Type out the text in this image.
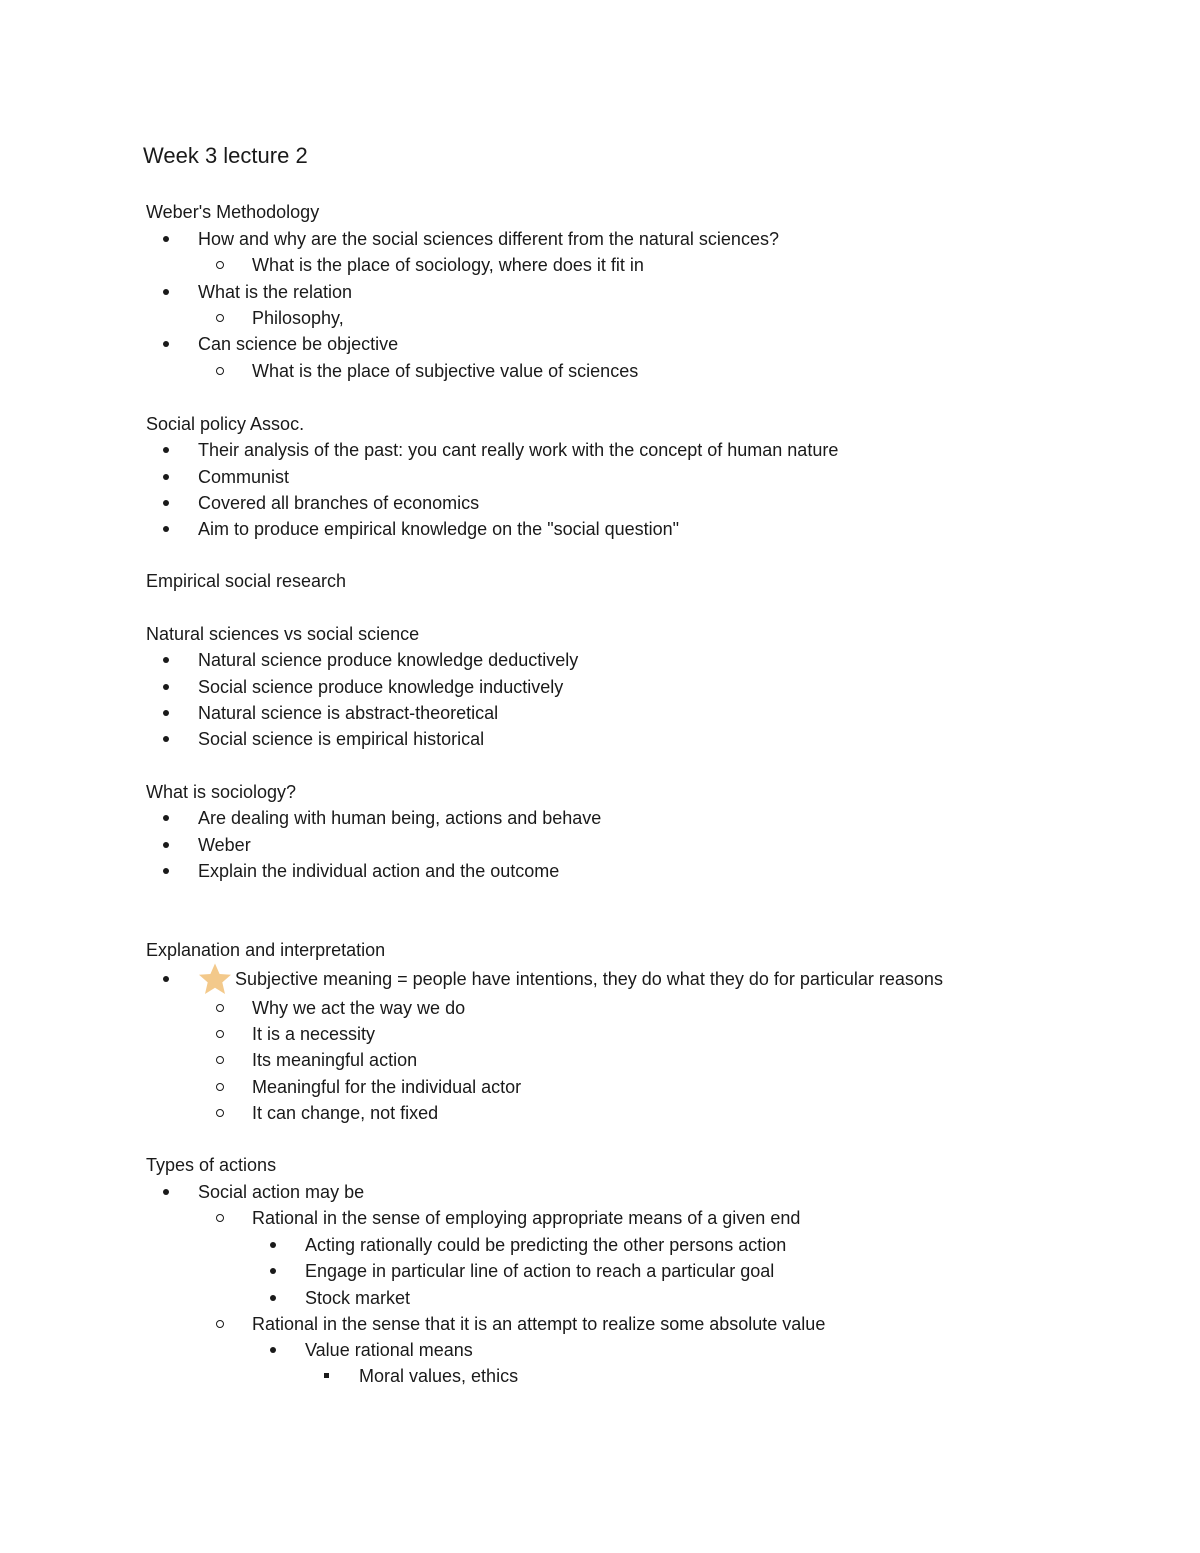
Week 3 lecture 2
Weber's Methodology
How and why are the social sciences different from the natural sciences?
What is the place of sociology, where does it fit in
What is the relation
Philosophy,
Can science be objective
What is the place of subjective value of sciences
Social policy Assoc.
Their analysis of the past: you cant really work with the concept of human nature
Communist
Covered all branches of economics
Aim to produce empirical knowledge on the "social question"
Empirical social research
Natural sciences vs social science
Natural science produce knowledge deductively
Social science produce knowledge inductively
Natural science is abstract-theoretical
Social science is empirical historical
What is sociology?
Are dealing with human being, actions and behave
Weber
Explain the individual action and the outcome
Explanation and interpretation
Subjective meaning = people have intentions, they do what they do for particular reasons
Why we act the way we do
It is a necessity
Its meaningful action
Meaningful for the individual actor
It can change, not fixed
Types of actions
Social action may be
Rational in the sense of employing appropriate means of a given end
Acting rationally could be predicting the other persons action
Engage in particular line of action to reach a particular goal
Stock market
Rational in the sense that it is an attempt to realize some absolute value
Value rational means
Moral values, ethics
